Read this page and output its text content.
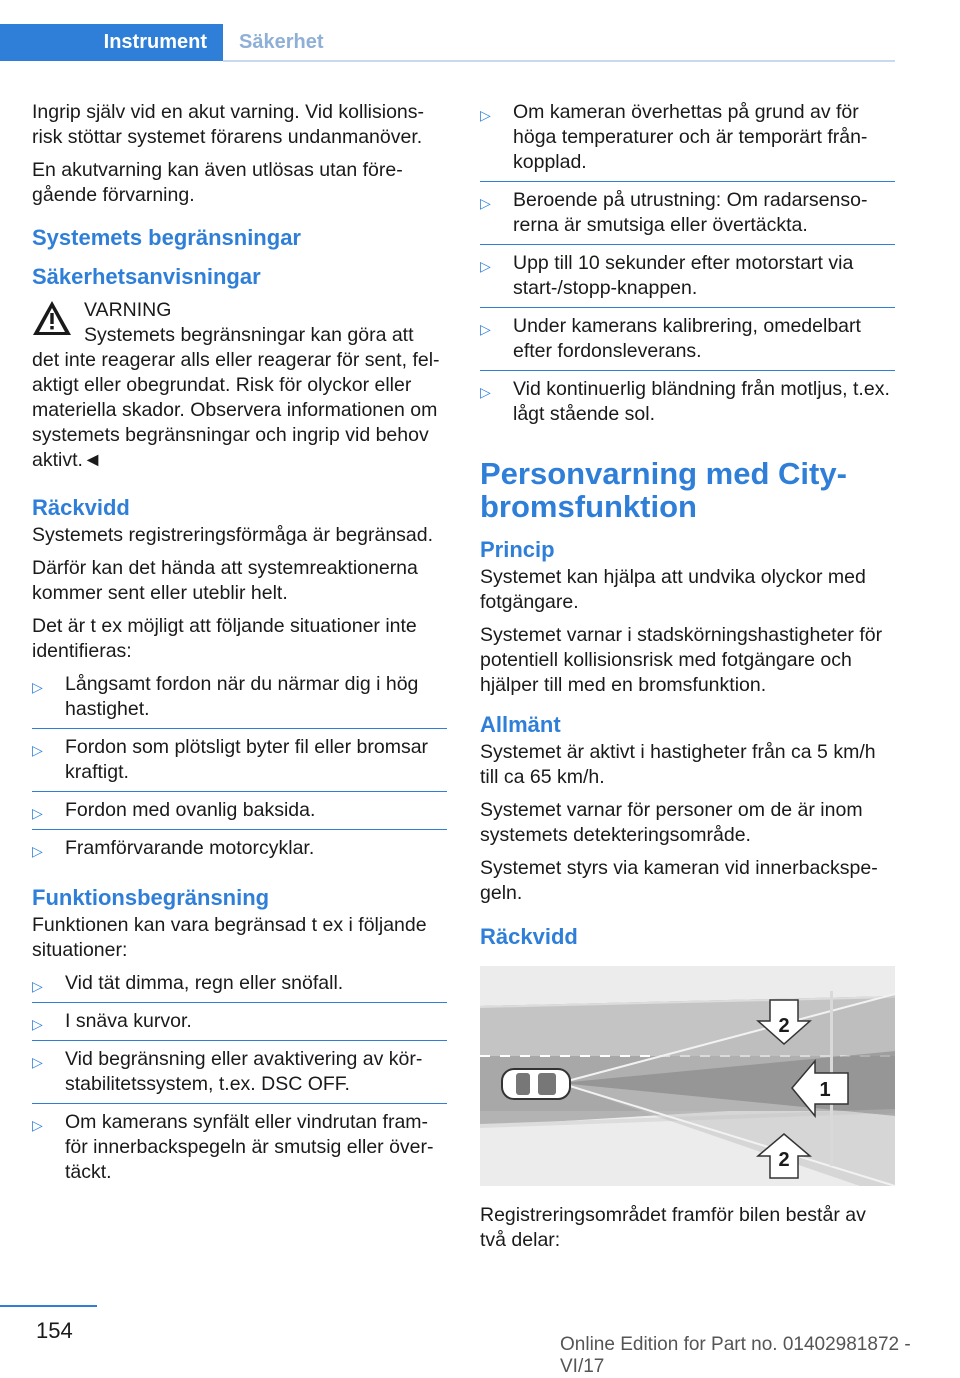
Instrument	Säkerhet

Ingrip själv vid en akut varning. Vid kollisions-risk stöttar systemet förarens undanmanöver.

En akutvarning kan även utlösas utan före-gående förvarning.

Systemets begränsningar
Säkerhetsanvisningar
VARNING
Systemets begränsningar kan göra att

det inte reagerar alls eller reagerar för sent, fel-aktigt eller obegrundat. Risk för olyckor eller materiella skador. Observera informationen om systemets begränsningar och ingrip vid behov aktivt.◄

Räckvidd

Systemets registreringsförmåga är begränsad.

Därför kan det hända att systemreaktionerna kommer sent eller uteblir helt.

Det är t ex möjligt att följande situationer inte identifieras:

▷ Långsamt fordon när du närmar dig i hög hastighet.
▷ Fordon som plötsligt byter fil eller bromsar kraftigt.
▷ Fordon med ovanlig baksida.
▷ Framförvarande motorcyklar.
Funktionsbegränsning

Funktionen kan vara begränsad t ex i följande situationer:

▷ Vid tät dimma, regn eller snöfall.
▷ I snäva kurvor.
▷ Vid begränsning eller avaktivering av kör-stabilitetssystem, t.ex. DSC OFF.
▷ Om kamerans synfält eller vindrutan fram-för innerbackspegeln är smutsig eller över-täckt.
▷ Om kameran överhettas på grund av för höga temperaturer och är temporärt från-kopplad.
▷ Beroende på utrustning: Om radarsenso-rerna är smutsiga eller övertäckta.
▷ Upp till 10 sekunder efter motorstart via start-/stopp-knappen.
▷ Under kamerans kalibrering, omedelbart efter fordonsleverans.
▷ Vid kontinuerlig bländning från motljus, t.ex. lågt stående sol.
Personvarning med City-bromsfunktion
Princip

Systemet kan hjälpa att undvika olyckor med fotgängare.

Systemet varnar i stadskörningshastigheter för potentiell kollisionsrisk med fotgängare och hjälper till med en bromsfunktion.

Allmänt

Systemet är aktivt i hastigheter från ca 5 km/h till ca 65 km/h.

Systemet varnar för personer om de är inom systemets detekteringsområde.

Systemet styrs via kameran vid innerbackspe-geln.

Räckvidd
2
1
2

Registreringsområdet framför bilen består av två delar:

154
Online Edition for Part no. 01402981872 - VI/17
